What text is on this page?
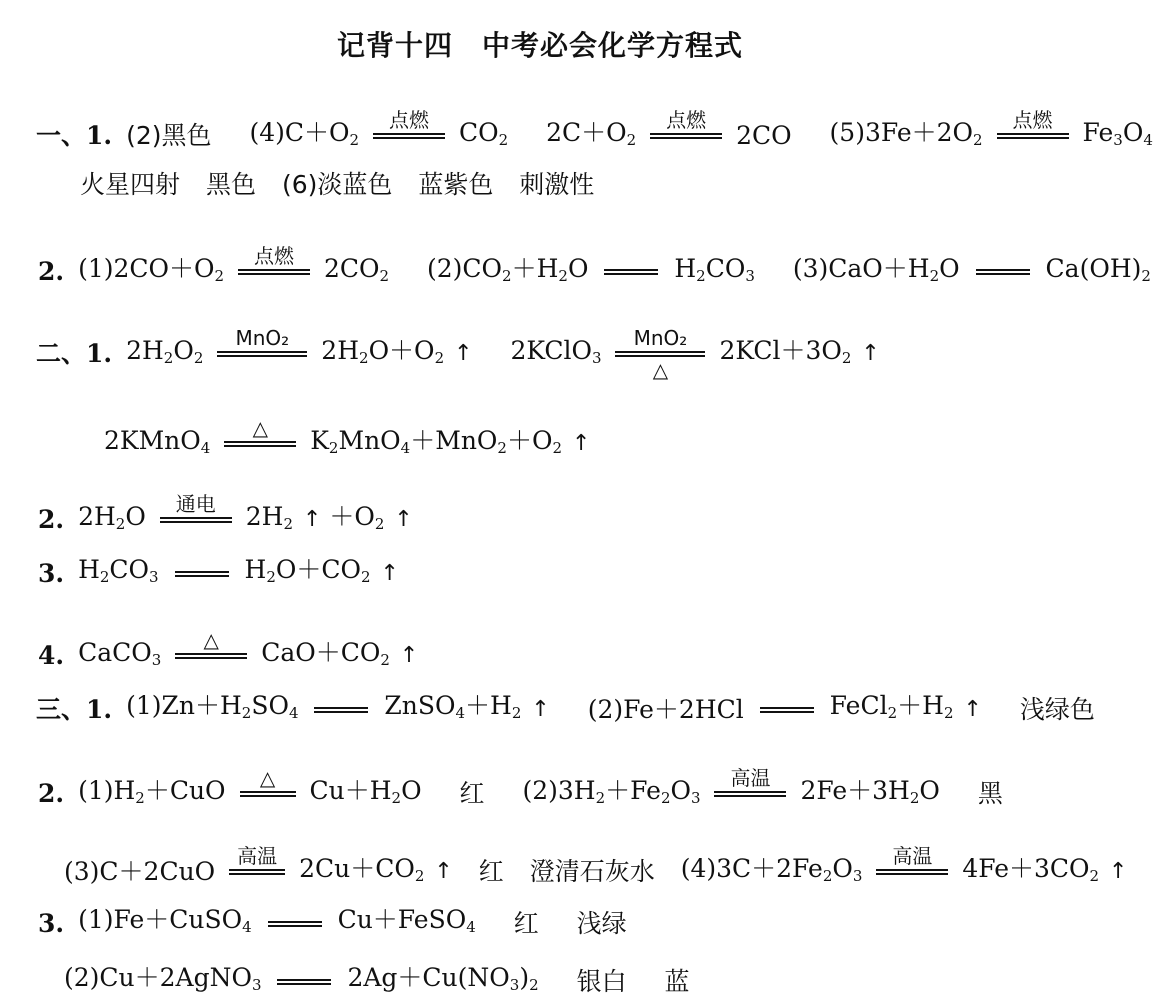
记背十四　中考必会化学方程式
一、1. (2)黑色 $(4)C+O_2$
点燃 $CO_2$ $2C+O_2$
点燃
2CO $(5)3Fe+2O_2$
点燃 $Fe_3O_4$
火星四射 黑色 (6)淡蓝色 蓝紫色 刺激性
2. $(1)2CO+O_2$
点燃 $2CO_2$ $(2)CO_2+H_2O$	$H_2CO_3$ $(3)CaO+H_2O$	$Ca(OH)_2$
二、1. $2H_2O_2$
MnO₂ $2H_2O+O_2$ ↑ 2KClO$_3$
MnO₂
△
$2KCl+3O_2$ ↑
2KMnO$_4$
△ $K_2MnO_4+MnO_2+O_2$ ↑
2. $2H_2O$ 通电 $2H_2$ ↑ $+O_2$ ↑
3. $H_2CO_3$	$H_2O+CO_2$ ↑
4. CaCO$_3$
△ $CaO+CO_2$ ↑
三、1. $(1)Zn+H_2SO_4$	$ZnSO_4+H_2$ ↑ (2)Fe＋2HCl	$FeCl_2+H_2$ ↑ 浅绿色
2. $(1)H_2+CuO$ △ $Cu+H_2O$ 红 $(2)3H_2+Fe_2O_3$
高温 $2Fe+3H_2O$ 黑
(3)C＋2CuO
高温 $2Cu+CO_2$ ↑ 红 澄清石灰水 $(4)3C+2Fe_2O_3$
高温 $4Fe+3CO_2$ ↑
3. (1)Fe＋CuSO$_4$	Cu＋FeSO$_4$ 红 浅绿
(2)Cu＋2AgNO$_3$	$2Ag+Cu(NO_3)_2$ 银白 蓝
